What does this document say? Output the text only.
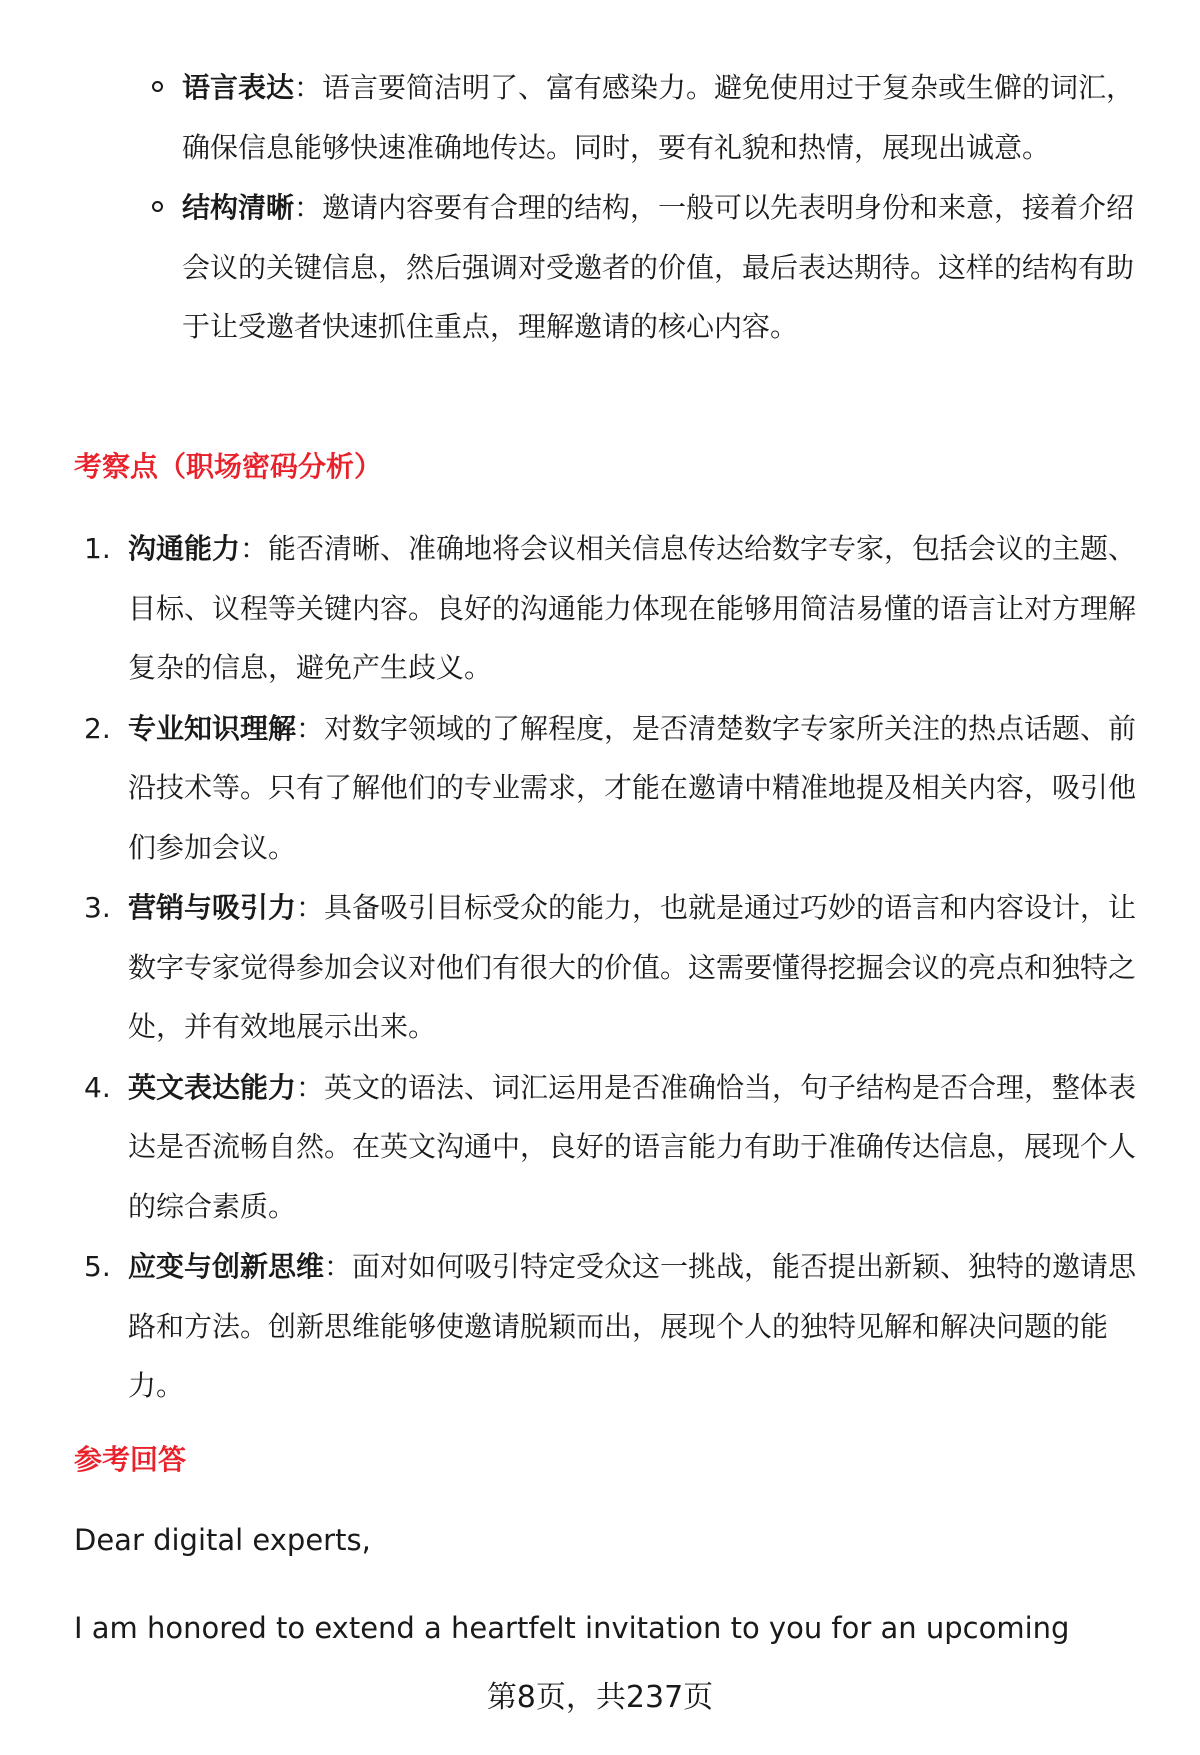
语言表达：语言要简洁明了、富有感染力。避免使用过于复杂或生僻的词汇，确保信息能够快速准确地传达。同时，要有礼貌和热情，展现出诚意。
结构清晰：邀请内容要有合理的结构，一般可以先表明身份和来意，接着介绍会议的关键信息，然后强调对受邀者的价值，最后表达期待。这样的结构有助于让受邀者快速抓住重点，理解邀请的核心内容。
考察点（职场密码分析）
1. 沟通能力：能否清晰、准确地将会议相关信息传达给数字专家，包括会议的主题、目标、议程等关键内容。良好的沟通能力体现在能够用简洁易懂的语言让对方理解复杂的信息，避免产生歧义。
2. 专业知识理解：对数字领域的了解程度，是否清楚数字专家所关注的热点话题、前沿技术等。只有了解他们的专业需求，才能在邀请中精准地提及相关内容，吸引他们参加会议。
3. 营销与吸引力：具备吸引目标受众的能力，也就是通过巧妙的语言和内容设计，让数字专家觉得参加会议对他们有很大的价值。这需要懂得挖掘会议的亮点和独特之处，并有效地展示出来。
4. 英文表达能力：英文的语法、词汇运用是否准确恰当，句子结构是否合理，整体表达是否流畅自然。在英文沟通中，良好的语言能力有助于准确传达信息，展现个人的综合素质。
5. 应变与创新思维：面对如何吸引特定受众这一挑战，能否提出新颖、独特的邀请思路和方法。创新思维能够使邀请脱颖而出，展现个人的独特见解和解决问题的能力。
参考回答
Dear digital experts,
I am honored to extend a heartfelt invitation to you for an upcoming
第8页，共237页
